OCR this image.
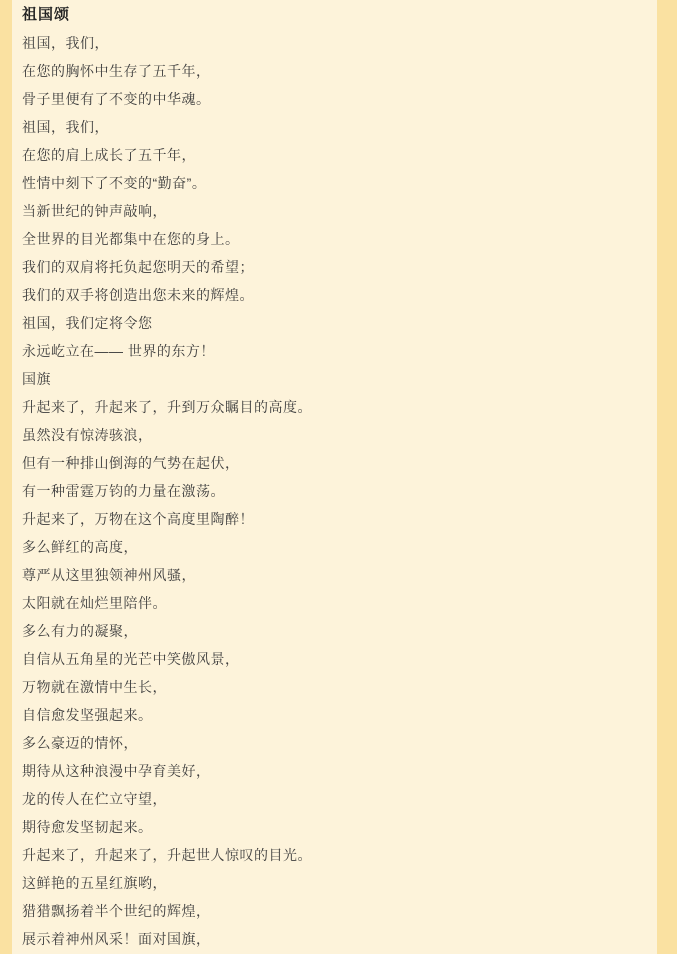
祖国颂

祖国，我们，

在您的胸怀中生存了五千年，

骨子里便有了不变的中华魂。

祖国，我们，

在您的肩上成长了五千年，

性情中刻下了不变的“勤奋”。

当新世纪的钟声敲响，

全世界的目光都集中在您的身上。

我们的双肩将托负起您明天的希望；

我们的双手将创造出您未来的辉煌。

祖国，我们定将令您

永远屹立在—— 世界的东方！

国旗

升起来了，升起来了，升到万众瞩目的高度。

虽然没有惊涛骇浪，

但有一种排山倒海的气势在起伏，

有一种雷霆万钧的力量在激荡。

升起来了，万物在这个高度里陶醉！

多么鲜红的高度，

尊严从这里独领神州风骚，

太阳就在灿烂里陪伴。

多么有力的凝聚，

自信从五角星的光芒中笑傲风景，

万物就在激情中生长，

自信愈发坚强起来。

多么豪迈的情怀，

期待从这种浪漫中孕育美好，

龙的传人在伫立守望，

期待愈发坚韧起来。

升起来了，升起来了，升起世人惊叹的目光。

这鲜艳的五星红旗哟，

猎猎飘扬着半个世纪的辉煌，

展示着神州风采！面对国旗，
